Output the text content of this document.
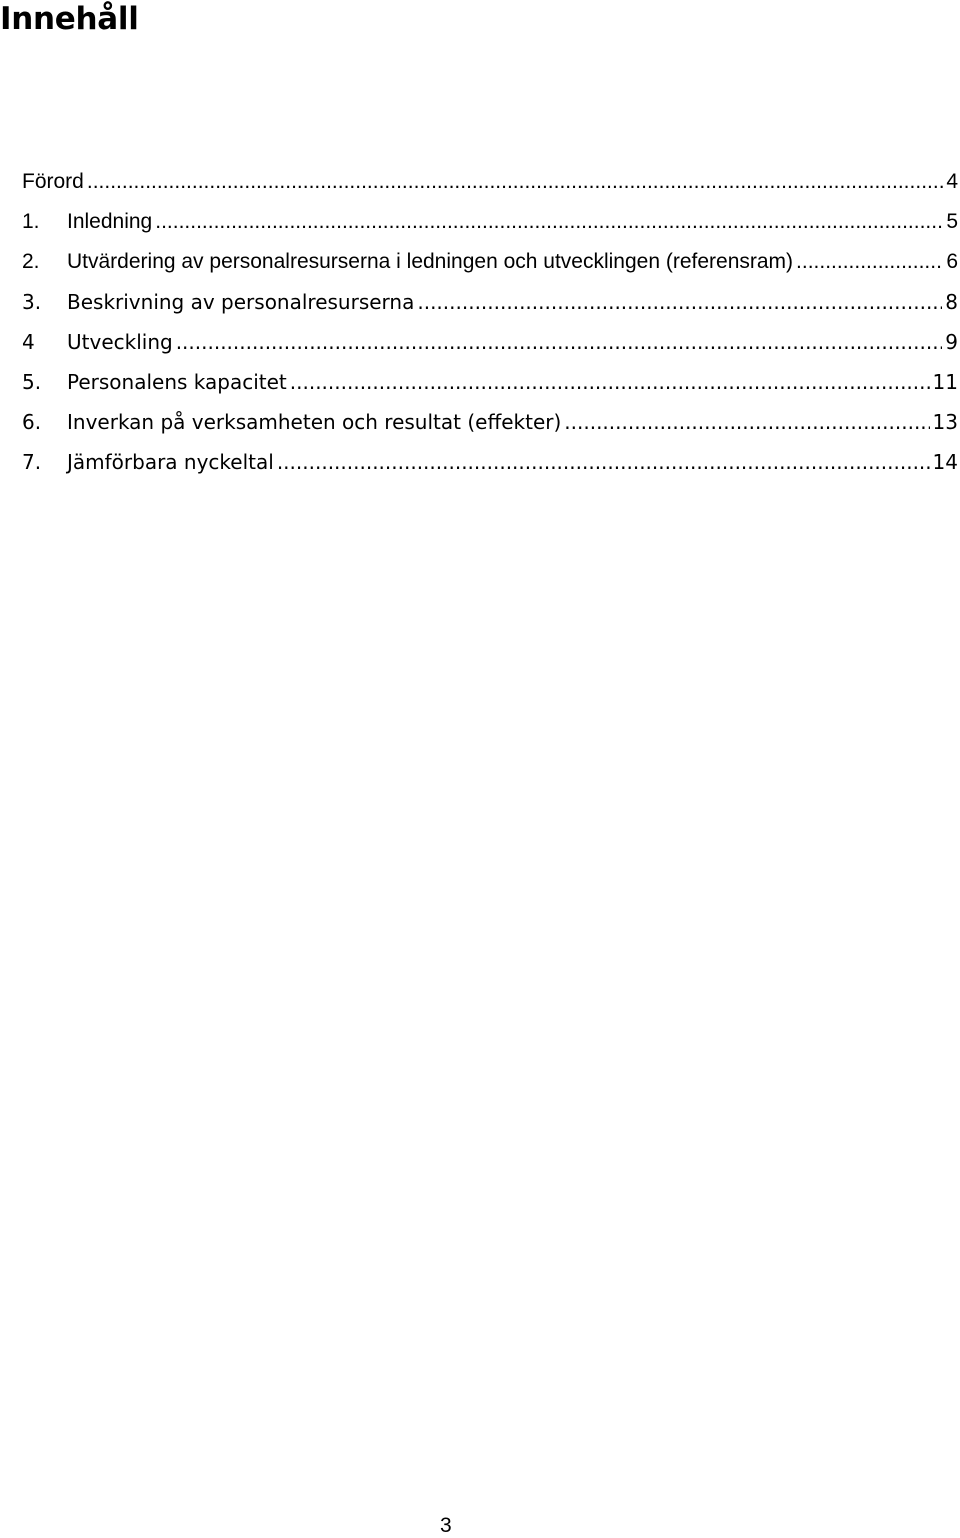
Innehåll
Förord .....	4
1.	Inledning .....	5
2.	Utvärdering av personalresurserna i ledningen och utvecklingen (referensram) .....	6
3.	Beskrivning av personalresurserna .....	8
4	Utveckling .....	9
5.	Personalens kapacitet .....	11
6.	Inverkan på verksamheten och resultat (effekter) .....	13
7.	Jämförbara nyckeltal .....	14
3
